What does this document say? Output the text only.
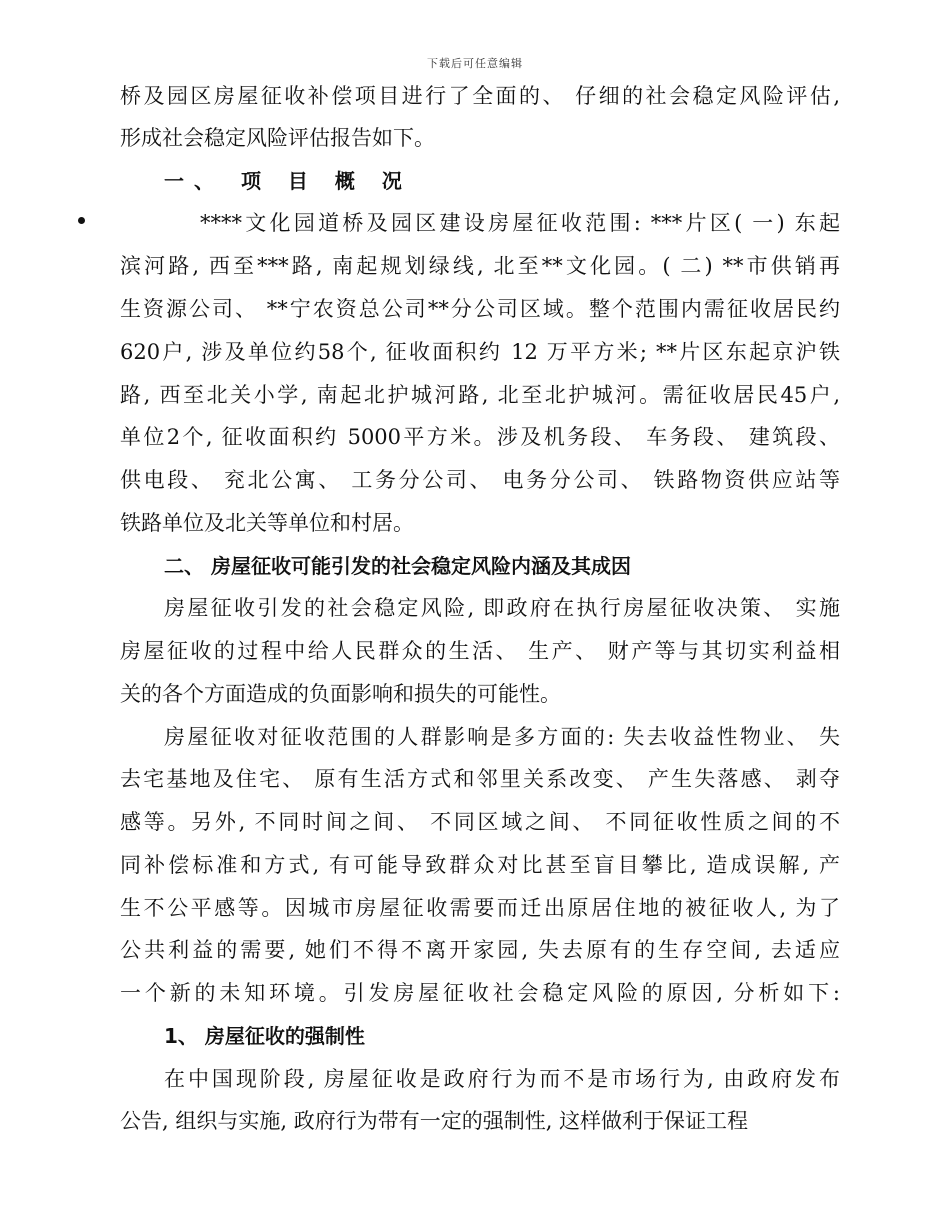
下载后可任意编辑
桥及园区房屋征收补偿项目进行了全面的、 仔细的社会稳定风险评估,
形成社会稳定风险评估报告如下。
一、 项 目 概 况
****文化园道桥及园区建设房屋征收范围: ***片区( 一) 东起
滨河路, 西至***路, 南起规划绿线, 北至**文化园。( 二) **市供销再
生资源公司、 **宁农资总公司**分公司区域。整个范围内需征收居民约
620户, 涉及单位约58个, 征收面积约 12 万平方米; **片区东起京沪铁
路, 西至北关小学, 南起北护城河路, 北至北护城河。需征收居民45户,
单位2个, 征收面积约 5000平方米。涉及机务段、 车务段、 建筑段、
供电段、 兖北公寓、 工务分公司、 电务分公司、 铁路物资供应站等
铁路单位及北关等单位和村居。
二、 房屋征收可能引发的社会稳定风险内涵及其成因
房屋征收引发的社会稳定风险, 即政府在执行房屋征收决策、 实施
房屋征收的过程中给人民群众的生活、 生产、 财产等与其切实利益相
关的各个方面造成的负面影响和损失的可能性。
房屋征收对征收范围的人群影响是多方面的: 失去收益性物业、 失
去宅基地及住宅、 原有生活方式和邻里关系改变、 产生失落感、 剥夺
感等。另外, 不同时间之间、 不同区域之间、 不同征收性质之间的不
同补偿标准和方式, 有可能导致群众对比甚至盲目攀比, 造成误解, 产
生不公平感等。因城市房屋征收需要而迁出原居住地的被征收人, 为了
公共利益的需要, 她们不得不离开家园, 失去原有的生存空间, 去适应
一个新的未知环境。引发房屋征收社会稳定风险的原因, 分析如下:
1、 房屋征收的强制性
在中国现阶段, 房屋征收是政府行为而不是市场行为, 由政府发布
公告, 组织与实施, 政府行为带有一定的强制性, 这样做利于保证工程
